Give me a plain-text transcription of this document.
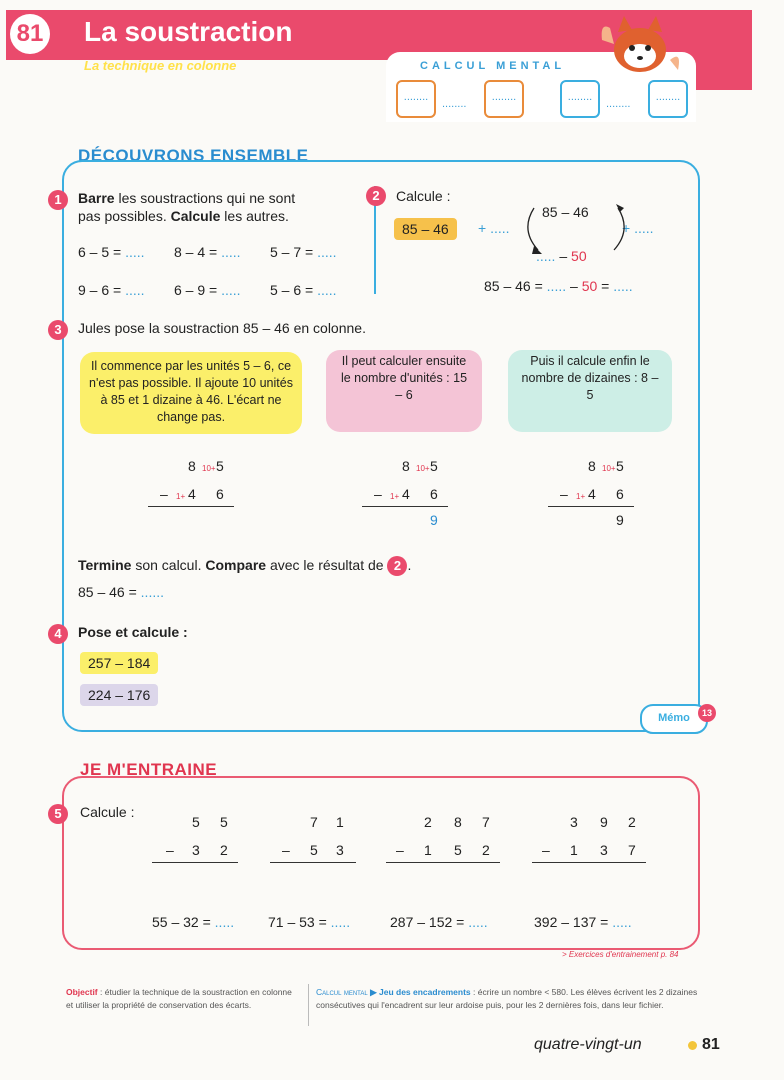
81 La soustraction
La technique en colonne	CALCUL MENTAL
........
........
........	........
........
........
DÉCOUVRONS ENSEMBLE
1	Barre les soustractions qui ne sont
pas possibles. Calcule les autres.
6 – 5 = ..... 8 – 4 = ..... 5 – 7 = .....
9 – 6 = ..... 6 – 9 = ..... 5 – 6 = .....
2	Calcule :
85 – 46
85 – 46
+ .....	+ .....
..... – 50
85 – 46 = ..... – 50 = .....
3	Jules pose la soustraction 85 – 46 en colonne.
Il commence par les unités 5 – 6, ce n'est pas possible. Il ajoute 10 unités à 85 et 1 dizaine à 46. L'écart ne change pas.
Il peut calculer ensuite le nombre d'unités : 15 – 6
Puis il calcule enfin le nombre de dizaines : 8 – 5
8 10+ 5
– 1+ 4 6
8 10+ 5
– 1+ 4 6
9
8 10+ 5
– 1+ 4 6
9
Termine son calcul. Compare avec le résultat de 2 .
85 – 46 = ......
4	Pose et calcule :
257 – 184
224 – 176
Mémo	13
JE M'ENTRAINE
5	Calcule :
5 5
– 3 2
7 1
– 5 3
2 8 7
– 1 5 2
3 9 2
– 1 3 7
55 – 32 = ..... 71 – 53 = .....	287 – 152 = .....	392 – 137 = .....
> Exercices d'entrainement p. 84
Objectif : étudier la technique de la soustraction en colonne et utiliser la propriété de conservation des écarts.
Calcul mental ▶ Jeu des encadrements : écrire un nombre < 580. Les élèves écrivent les 2 dizaines consécutives qui l'encadrent sur leur ardoise puis, pour les 2 dernières fois, dans leur fichier.
quatre-vingt-un	81
